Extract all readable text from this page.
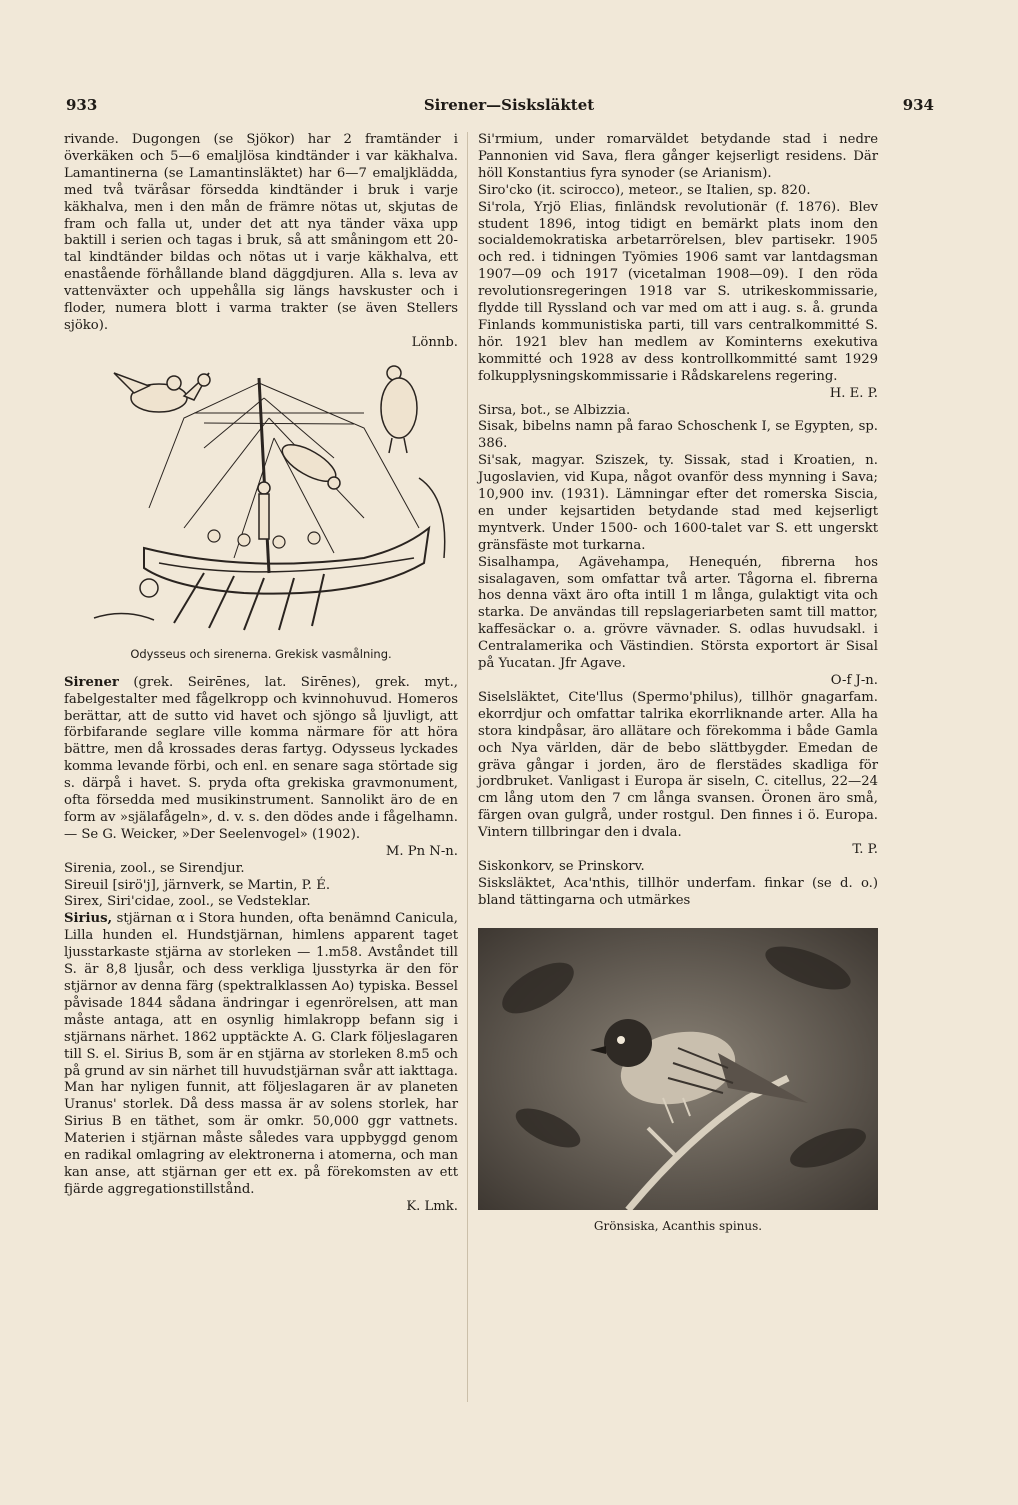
933	Sirener—Sisksläktet	934

rivande. Dugongen (se Sjökor) har 2 framtänder i överkäken och 5—6 emaljlösa kindtänder i var käkhalva. Lamantinerna (se Lamantinsläktet) har 6—7 emaljklädda, med två tväråsar försedda kindtänder i bruk i varje käkhalva, men i den mån de främre nötas ut, skjutas de fram och falla ut, under det att nya tänder växa upp baktill i serien och tagas i bruk, så att småningom ett 20-tal kindtänder bildas och nötas ut i varje käkhalva, ett enastående förhållande bland däggdjuren. Alla s. leva av vattenväxter och uppehålla sig längs havskuster och i floder, numera blott i varma trakter (se även Stellers sjöko).

Lönnb.
Odysseus och sirenerna. Grekisk vasmålning.

Sirener (grek. Seirēnes, lat. Sirēnes), grek. myt., fabelgestalter med fågelkropp och kvinnohuvud. Homeros berättar, att de sutto vid havet och sjöngo så ljuvligt, att förbifarande seglare ville komma närmare för att höra bättre, men då krossades deras fartyg. Odysseus lyckades komma levande förbi, och enl. en senare saga störtade sig s. därpå i havet. S. pryda ofta grekiska gravmonument, ofta försedda med musikinstrument. Sannolikt äro de en form av »själafågeln», d. v. s. den dödes ande i fågelhamn. — Se G. Weicker, »Der Seelenvogel» (1902).

M. Pn N-n.

Sirenia, zool., se Sirendjur.

Sireuil [sirö'j], järnverk, se Martin, P. É.

Sirex, Siri'cidae, zool., se Vedsteklar.

Sirius, stjärnan α i Stora hunden, ofta benämnd Canicula, Lilla hunden el. Hundstjärnan, himlens apparent taget ljusstarkaste stjärna av storleken — 1.m58. Avståndet till S. är 8,8 ljusår, och dess verkliga ljusstyrka är den för stjärnor av denna färg (spektralklassen Ao) typiska. Bessel påvisade 1844 sådana ändringar i egenrörelsen, att man måste antaga, att en osynlig himlakropp befann sig i stjärnans närhet. 1862 upptäckte A. G. Clark följeslagaren till S. el. Sirius B, som är en stjärna av storleken 8.m5 och på grund av sin närhet till huvudstjärnan svår att iakttaga. Man har nyligen funnit, att följeslagaren är av planeten Uranus' storlek. Då dess massa är av solens storlek, har Sirius B en täthet, som är omkr. 50,000 ggr vattnets. Materien i stjärnan måste således vara uppbyggd genom en radikal omlagring av elektronerna i atomerna, och man kan anse, att stjärnan ger ett ex. på förekomsten av ett fjärde aggregationstillstånd.

K. Lmk.

Si'rmium, under romarväldet betydande stad i nedre Pannonien vid Sava, flera gånger kejserligt residens. Där höll Konstantius fyra synoder (se Arianism).

Siro'cko (it. scirocco), meteor., se Italien, sp. 820.

Si'rola, Yrjö Elias, finländsk revolutionär (f. 1876). Blev student 1896, intog tidigt en bemärkt plats inom den socialdemokratiska arbetarrörelsen, blev partisekr. 1905 och red. i tidningen Työmies 1906 samt var lantdagsman 1907—09 och 1917 (vicetalman 1908—09). I den röda revolutionsregeringen 1918 var S. utrikeskommissarie, flydde till Ryssland och var med om att i aug. s. å. grunda Finlands kommunistiska parti, till vars centralkommitté S. hör. 1921 blev han medlem av Kominterns exekutiva kommitté och 1928 av dess kontrollkommitté samt 1929 folkupplysningskommissarie i Rådskarelens regering.

H. E. P.

Sirsa, bot., se Albizzia.

Sisak, bibelns namn på farao Schoschenk I, se Egypten, sp. 386.

Si'sak, magyar. Sziszek, ty. Sissak, stad i Kroatien, n. Jugoslavien, vid Kupa, något ovanför dess mynning i Sava; 10,900 inv. (1931). Lämningar efter det romerska Siscia, en under kejsartiden betydande stad med kejserligt myntverk. Under 1500- och 1600-talet var S. ett ungerskt gränsfäste mot turkarna.

Sisalhampa, Agävehampa, Henequén, fibrerna hos sisalagaven, som omfattar två arter. Tågorna el. fibrerna hos denna växt äro ofta intill 1 m långa, gulaktigt vita och starka. De användas till repslageriarbeten samt till mattor, kaffesäckar o. a. grövre vävnader. S. odlas huvudsakl. i Centralamerika och Västindien. Största exportort är Sisal på Yucatan. Jfr Agave.

O-f J-n.

Siselsläktet, Cite'llus (Spermo'philus), tillhör gnagarfam. ekorrdjur och omfattar talrika ekorrliknande arter. Alla ha stora kindpåsar, äro allätare och förekomma i både Gamla och Nya världen, där de bebo slättbygder. Emedan de gräva gångar i jorden, äro de flerstädes skadliga för jordbruket. Vanligast i Europa är siseln, C. citellus, 22—24 cm lång utom den 7 cm långa svansen. Öronen äro små, färgen ovan gulgrå, under rostgul. Den finnes i ö. Europa. Vintern tillbringar den i dvala.

T. P.

Siskonkorv, se Prinskorv.

Sisksläktet, Aca'nthis, tillhör underfam. finkar (se d. o.) bland tättingarna och utmärkes

Grönsiska, Acanthis spinus.
